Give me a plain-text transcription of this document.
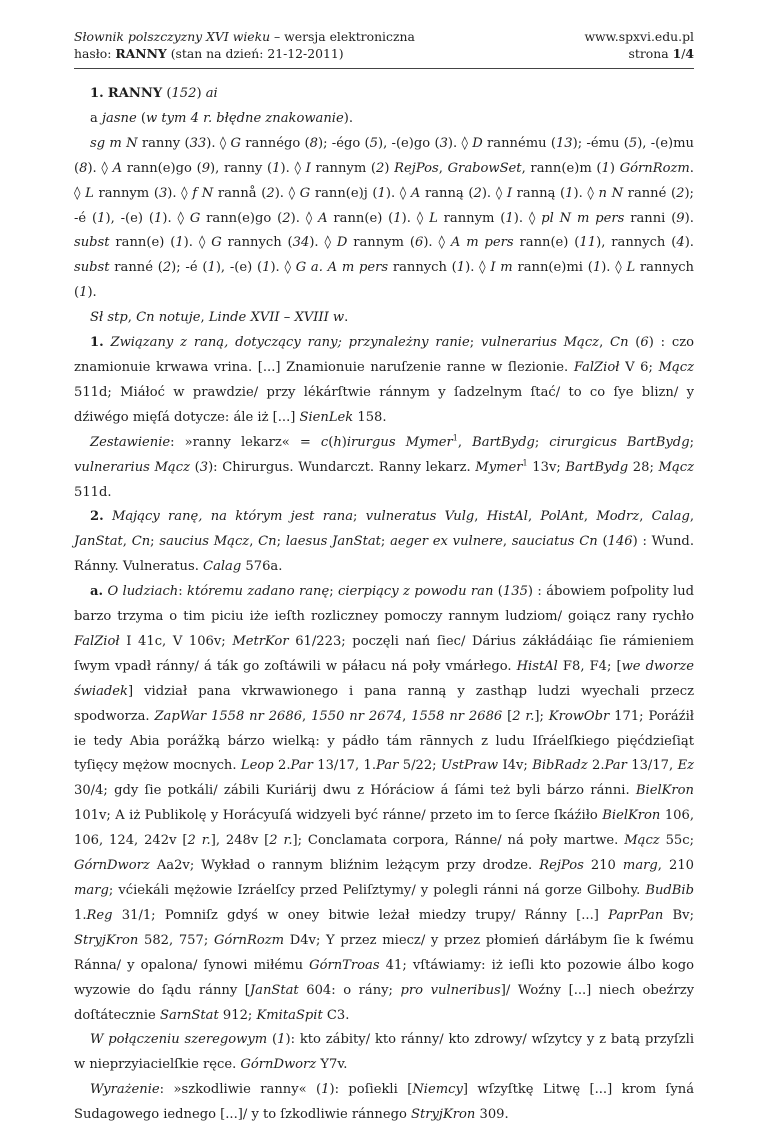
Słownik polszczyzny XVI wieku – wersja elektroniczna
hasło: RANNY (stan na dzień: 21-12-2011)
www.spxvi.edu.pl
strona 1/4

1. RANNY (152) ai

a jasne (w tym 4 r. błędne znakowanie).

sg m N ranny (33). ◊ G rannégo (8); -égo (5), -(e)go (3). ◊ D rannému (13); -ému (5), -(e)mu (8). ◊ A rann(e)go (9), ranny (1). ◊ I rannym (2) RejPos, GrabowSet, rann(e)m (1) GórnRozm. ◊ L rannym (3). ◊ f N rannå (2). ◊ G rann(e)j (1). ◊ A ranną (2). ◊ I ranną (1). ◊ n N ranné (2); -é (1), -(e) (1). ◊ G rann(e)go (2). ◊ A rann(e) (1). ◊ L rannym (1). ◊ pl N m pers ranni (9). subst rann(e) (1). ◊ G rannych (34). ◊ D rannym (6). ◊ A m pers rann(e) (11), rannych (4). subst ranné (2); -é (1), -(e) (1). ◊ G a. A m pers rannych (1). ◊ I m rann(e)mi (1). ◊ L rannych (1).

Sł stp, Cn notuje, Linde XVII – XVIII w.

1. Związany z raną, dotyczący rany; przynależny ranie; vulnerarius Mącz, Cn (6) : czo znamionuie krwawa vrina. [...] Znamionuie naruſzenie ranne w ſlezionie. FalZioł V 6; Mącz 511d; Miáłoć w prawdzie/ przy lékárſtwie ránnym y ſadzelnym ſtać/ to co ſye blizn/ y dźiwégo mięſá dotycze: ále iż [...] SienLek 158.

Zestawienie: »ranny lekarz« = c(h)irurgus Mymer$^1$, BartBydg; cirurgicus BartBydg; vulnerarius Mącz (3): Chirurgus. Wundarczt. Ranny lekarz. Mymer$^1$ 13v; BartBydg 28; Mącz 511d.

2. Mający ranę, na którym jest rana; vulneratus Vulg, HistAl, PolAnt, Modrz, Calag, JanStat, Cn; saucius Mącz, Cn; laesus JanStat; aeger ex vulnere, sauciatus Cn (146) : Wund. Ránny. Vulneratus. Calag 576a.

a. O ludziach: któremu zadano ranę; cierpiący z powodu ran (135) : ábowiem poſpolity lud barzo trzyma o tim piciu iże ieſth rozliczney pomoczy rannym ludziom/ goiącz rany rychło FalZioł I 41c, V 106v; MetrKor 61/223; poczęli nań ſiec/ Dárius zákłádáiąc ſie rámieniem ſwym vpadł ránny/ á ták go zoſtáwili w páłacu ná poły vmárłego. HistAl F8, F4; [we dworze świadek] vidział pana vkrwawionego i pana ranną y zasthąp ludzi wyechali przecz spodworza. ZapWar 1558 nr 2686, 1550 nr 2674, 1558 nr 2686 [2 r.]; KrowObr 171; Poráźił ie tedy Abia porážką bárzo wielką: y pádło tám rānnych z ludu Iſráelſkiego pięćdzieſiąt tyſięcy mężow mocnych. Leop 2.Par 13/17, 1.Par 5/22; UstPraw I4v; BibRadz 2.Par 13/17, Ez 30/4; gdy ſie potkáli/ zábili Kuriárij dwu z Hóráciow á ſámi też byli bárzo ránni. BielKron 101v; A iż Publikolę y Horácyuſá widzyeli być ránne/ przeto im to ſerce ſkáźiło BielKron 106, 106, 124, 242v [2 r.], 248v [2 r.]; Conclamata corpora, Ránne/ ná poły martwe. Mącz 55c; GórnDworz Aa2v; Wykład o rannym bliźnim leżącym przy drodze. RejPos 210 marg, 210 marg; vćiekáli mężowie Izráelſcy przed Peliſztymy/ y polegli ránni ná gorze Gilbohy. BudBib 1.Reg 31/1; Pomniſz gdyś w oney bitwie leżał miedzy trupy/ Ránny [...] PaprPan Bv; StryjKron 582, 757; GórnRozm D4v; Y przez miecz/ y przez płomień dárłábym ſie k ſwému Ránna/ y opalona/ ſynowi miłému GórnTroas 41; vſtáwiamy: iż ieſli kto pozowie álbo kogo wyzowie do ſądu ránny [JanStat 604: o rány; pro vulneribus]/ Woźny [...] niech obeźrzy doſtátecznie SarnStat 912; KmitaSpit C3.

W połączeniu szeregowym (1): kto zábity/ kto ránny/ kto zdrowy/ wſzytcy y z batą przyſzli w nieprzyiacielſkie ręce. GórnDworz Y7v.

Wyrażenie: »szkodliwie ranny« (1): poſiekli [Niemcy] wſzyſtkę Litwę [...] krom ſyná Sudagowego iednego [...]/ y to ſzkodliwie ránnego StryjKron 309.
